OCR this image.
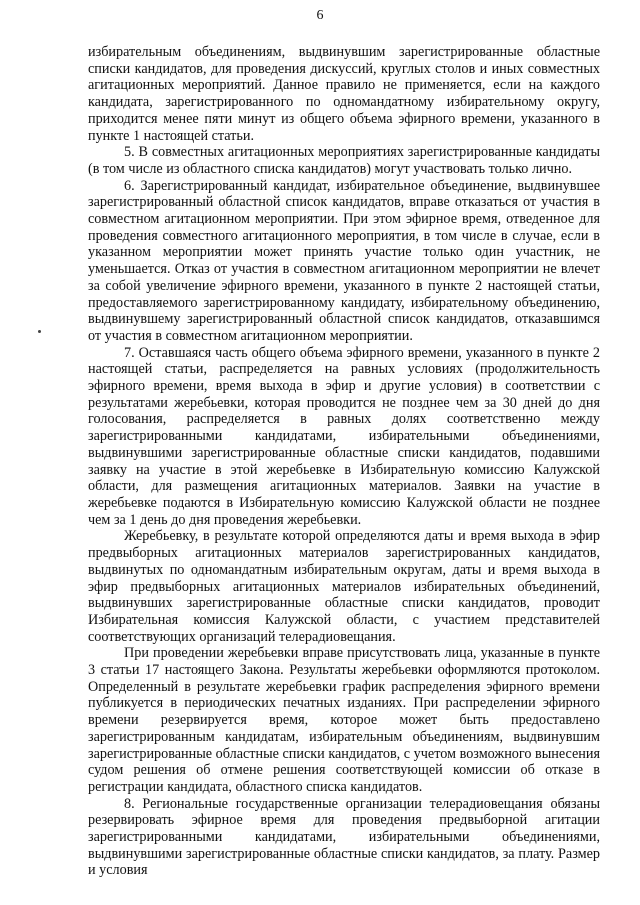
6

избирательным объединениям, выдвинувшим зарегистрированные областные списки кандидатов, для проведения дискуссий, круглых столов и иных совместных агитационных мероприятий. Данное правило не применяется, если на каждого кандидата, зарегистрированного по одномандатному избирательному округу, приходится менее пяти минут из общего объема эфирного времени, указанного в пункте 1 настоящей статьи.

5. В совместных агитационных мероприятиях зарегистрированные кандидаты (в том числе из областного списка кандидатов) могут участвовать только лично.

6. Зарегистрированный кандидат, избирательное объединение, выдвинувшее зарегистрированный областной список кандидатов, вправе отказаться от участия в совместном агитационном мероприятии. При этом эфирное время, отведенное для проведения совместного агитационного мероприятия, в том числе в случае, если в указанном мероприятии может принять участие только один участник, не уменьшается. Отказ от участия в совместном агитационном мероприятии не влечет за собой увеличение эфирного времени, указанного в пункте 2 настоящей статьи, предоставляемого зарегистрированному кандидату, избирательному объединению, выдвинувшему зарегистрированный областной список кандидатов, отказавшимся от участия в совместном агитационном мероприятии.

7. Оставшаяся часть общего объема эфирного времени, указанного в пункте 2 настоящей статьи, распределяется на равных условиях (продолжительность эфирного времени, время выхода в эфир и другие условия) в соответствии с результатами жеребьевки, которая проводится не позднее чем за 30 дней до дня голосования, распределяется в равных долях соответственно между зарегистрированными кандидатами, избирательными объединениями, выдвинувшими зарегистрированные областные списки кандидатов, подавшими заявку на участие в этой жеребьевке в Избирательную комиссию Калужской области, для размещения агитационных материалов. Заявки на участие в жеребьевке подаются в Избирательную комиссию Калужской области не позднее чем за 1 день до дня проведения жеребьевки.

Жеребьевку, в результате которой определяются даты и время выхода в эфир предвыборных агитационных материалов зарегистрированных кандидатов, выдвинутых по одномандатным избирательным округам, даты и время выхода в эфир предвыборных агитационных материалов избирательных объединений, выдвинувших зарегистрированные областные списки кандидатов, проводит Избирательная комиссия Калужской области, с участием представителей соответствующих организаций телерадиовещания.

При проведении жеребьевки вправе присутствовать лица, указанные в пункте 3 статьи 17 настоящего Закона. Результаты жеребьевки оформляются протоколом. Определенный в результате жеребьевки график распределения эфирного времени публикуется в периодических печатных изданиях. При распределении эфирного времени резервируется время, которое может быть предоставлено зарегистрированным кандидатам, избирательным объединениям, выдвинувшим зарегистрированные областные списки кандидатов, с учетом возможного вынесения судом решения об отмене решения соответствующей комиссии об отказе в регистрации кандидата, областного списка кандидатов.

8. Региональные государственные организации телерадиовещания обязаны резервировать эфирное время для проведения предвыборной агитации зарегистрированными кандидатами, избирательными объединениями, выдвинувшими зарегистрированные областные списки кандидатов, за плату. Размер и условия
